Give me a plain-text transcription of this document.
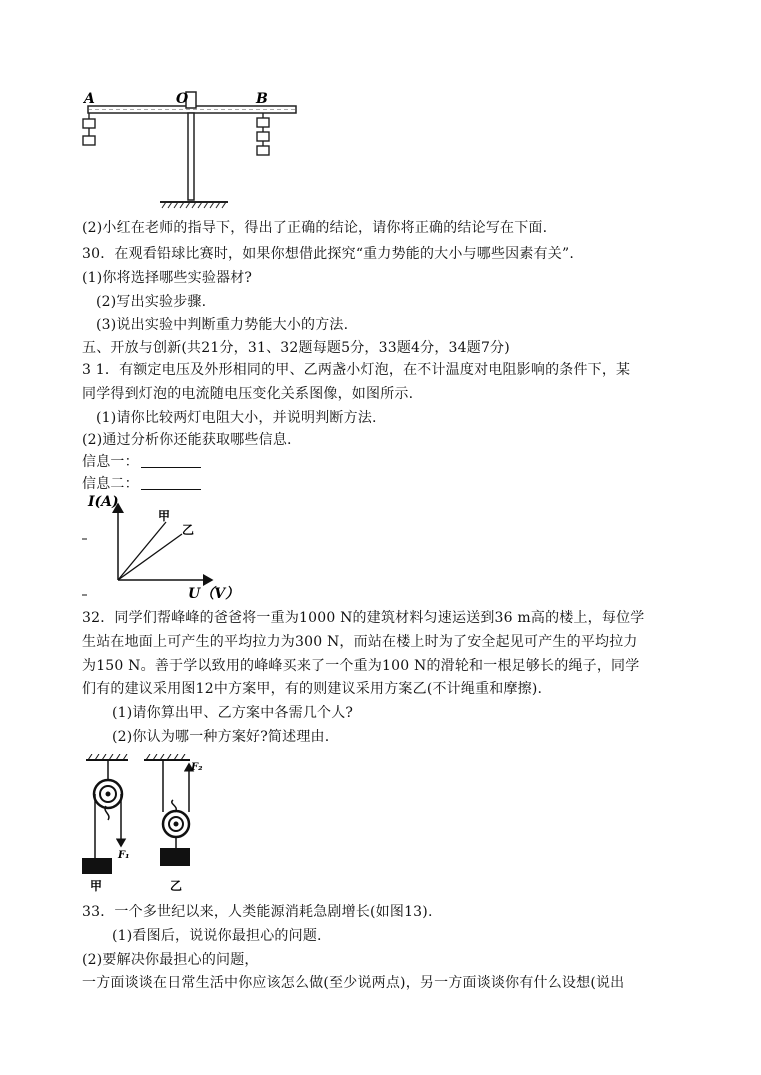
A	O	B
(2)小红在老师的指导下，得出了正确的结论，请你将正确的结论写在下面.
30．在观看铅球比赛时，如果你想借此探究“重力势能的大小与哪些因素有关”.
(1)你将选择哪些实验器材?
(2)写出实验步骤.
(3)说出实验中判断重力势能大小的方法.
五、开放与创新(共21分，31、32题每题5分，33题4分，34题7分)
3 1．有额定电压及外形相同的甲、乙两盏小灯泡，在不计温度对电阻影响的条件下，某
同学得到灯泡的电流随电压变化关系图像，如图所示.
(1)请你比较两灯电阻大小，并说明判断方法.
(2)通过分析你还能获取哪些信息.
信息一：
信息二：
I(A)
U（V）
甲
乙
32．同学们帮峰峰的爸爸将一重为1000 N的建筑材料匀速运送到36 m高的楼上，每位学
生站在地面上可产生的平均拉力为300 N，而站在楼上时为了安全起见可产生的平均拉力
为150 N。善于学以致用的峰峰买来了一个重为100 N的滑轮和一根足够长的绳子，同学
们有的建议采用图12中方案甲，有的则建议采用方案乙(不计绳重和摩擦).
(1)请你算出甲、乙方案中各需几个人?
(2)你认为哪一种方案好?简述理由.
F₁
甲
F₂
乙
33．一个多世纪以来，人类能源消耗急剧增长(如图13).
(1)看图后，说说你最担心的问题.
(2)要解决你最担心的问题，
一方面谈谈在日常生活中你应该怎么做(至少说两点)，另一方面谈谈你有什么设想(说出
